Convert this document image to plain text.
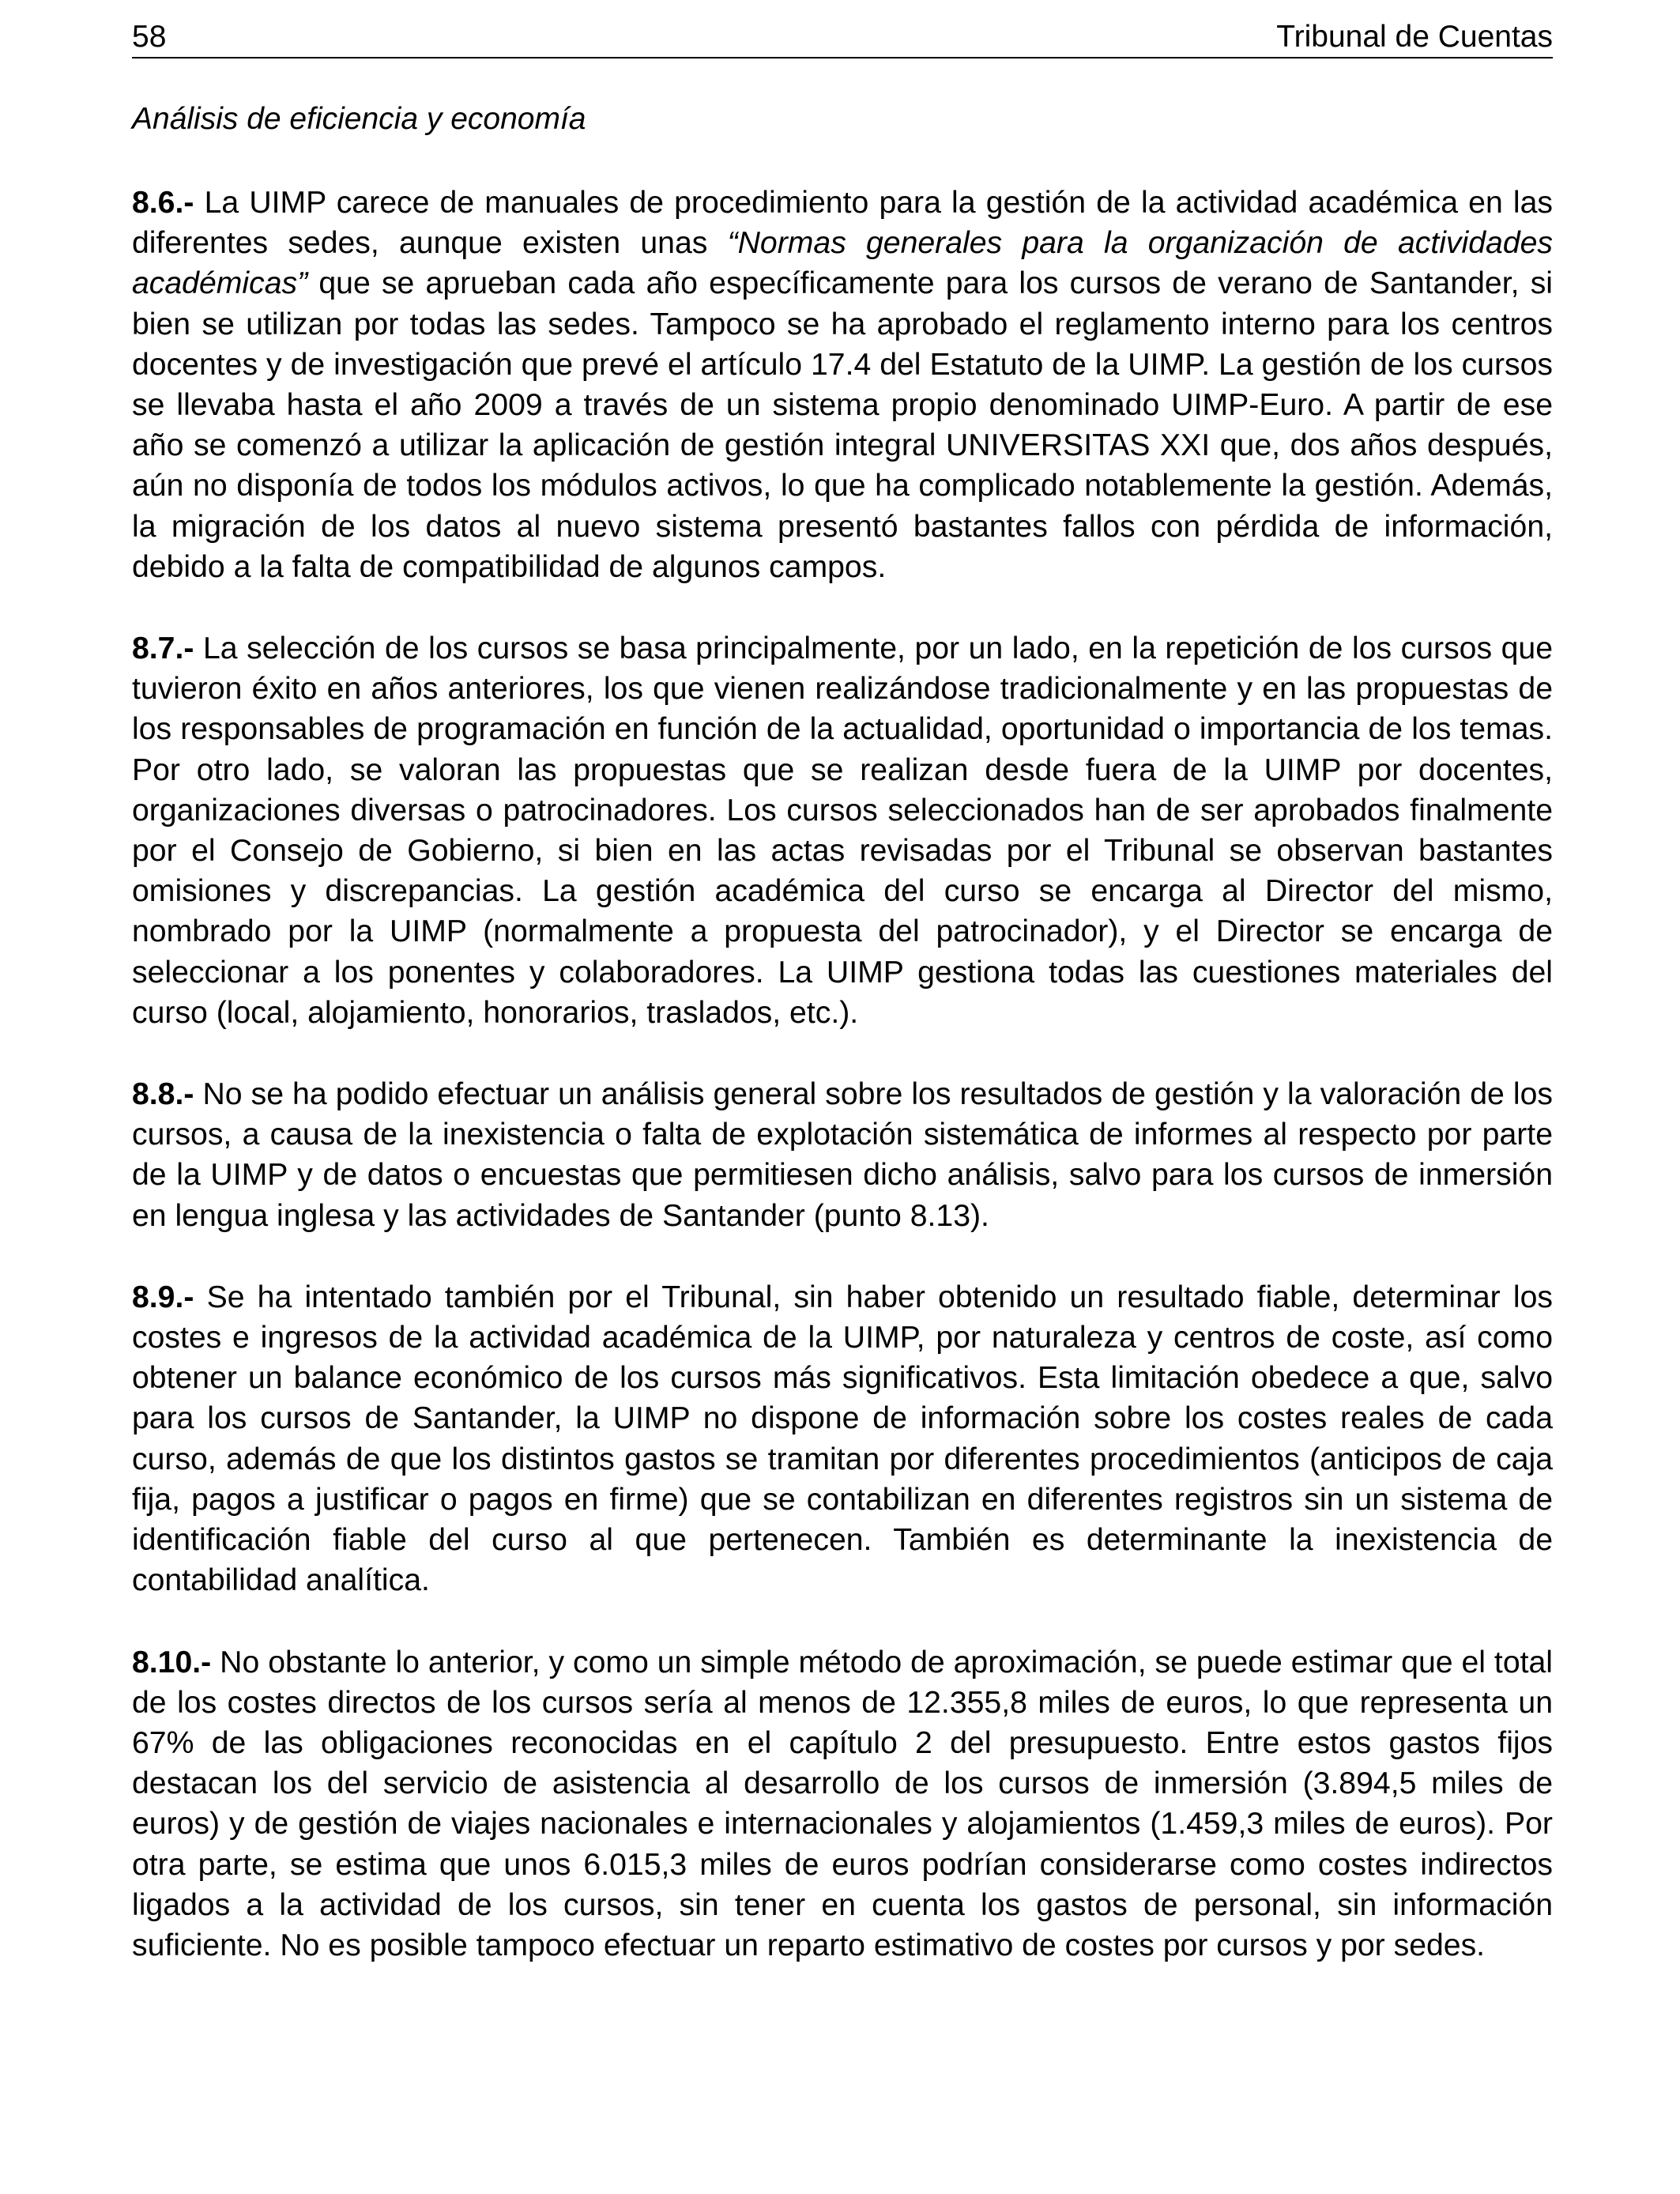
58	Tribunal de Cuentas
Análisis de eficiencia y economía

8.6.- La UIMP carece de manuales de procedimiento para la gestión de la actividad académica en las diferentes sedes, aunque existen unas “Normas generales para la organización de actividades académicas” que se aprueban cada año específicamente para los cursos de verano de Santander, si bien se utilizan por todas las sedes. Tampoco se ha aprobado el reglamento interno para los centros docentes y de investigación que prevé el artículo 17.4 del Estatuto de la UIMP. La gestión de los cursos se llevaba hasta el año 2009 a través de un sistema propio denominado UIMP-Euro. A partir de ese año se comenzó a utilizar la aplicación de gestión integral UNIVERSITAS XXI que, dos años después, aún no disponía de todos los módulos activos, lo que ha complicado notablemente la gestión. Además, la migración de los datos al nuevo sistema presentó bastantes fallos con pérdida de información, debido a la falta de compatibilidad de algunos campos.

8.7.- La selección de los cursos se basa principalmente, por un lado, en la repetición de los cursos que tuvieron éxito en años anteriores, los que vienen realizándose tradicionalmente y en las propuestas de los responsables de programación en función de la actualidad, oportunidad o importancia de los temas. Por otro lado, se valoran las propuestas que se realizan desde fuera de la UIMP por docentes, organizaciones diversas o patrocinadores. Los cursos seleccionados han de ser aprobados finalmente por el Consejo de Gobierno, si bien en las actas revisadas por el Tribunal se observan bastantes omisiones y discrepancias. La gestión académica del curso se encarga al Director del mismo, nombrado por la UIMP (normalmente a propuesta del patrocinador), y el Director se encarga de seleccionar a los ponentes y colaboradores. La UIMP gestiona todas las cuestiones materiales del curso (local, alojamiento, honorarios, traslados, etc.).

8.8.- No se ha podido efectuar un análisis general sobre los resultados de gestión y la valoración de los cursos, a causa de la inexistencia o falta de explotación sistemática de informes al respecto por parte de la UIMP y de datos o encuestas que permitiesen dicho análisis, salvo para los cursos de inmersión en lengua inglesa y las actividades de Santander (punto 8.13).

8.9.- Se ha intentado también por el Tribunal, sin haber obtenido un resultado fiable, determinar los costes e ingresos de la actividad académica de la UIMP, por naturaleza y centros de coste, así como obtener un balance económico de los cursos más significativos. Esta limitación obedece a que, salvo para los cursos de Santander, la UIMP no dispone de información sobre los costes reales de cada curso, además de que los distintos gastos se tramitan por diferentes procedimientos (anticipos de caja fija, pagos a justificar o pagos en firme) que se contabilizan en diferentes registros sin un sistema de identificación fiable del curso al que pertenecen. También es determinante la inexistencia de contabilidad analítica.

8.10.- No obstante lo anterior, y como un simple método de aproximación, se puede estimar que el total de los costes directos de los cursos sería al menos de 12.355,8 miles de euros, lo que representa un 67% de las obligaciones reconocidas en el capítulo 2 del presupuesto. Entre estos gastos fijos destacan los del servicio de asistencia al desarrollo de los cursos de inmersión (3.894,5 miles de euros) y de gestión de viajes nacionales e internacionales y alojamientos (1.459,3 miles de euros). Por otra parte, se estima que unos 6.015,3 miles de euros podrían considerarse como costes indirectos ligados a la actividad de los cursos, sin tener en cuenta los gastos de personal, sin información suficiente. No es posible tampoco efectuar un reparto estimativo de costes por cursos y por sedes.
